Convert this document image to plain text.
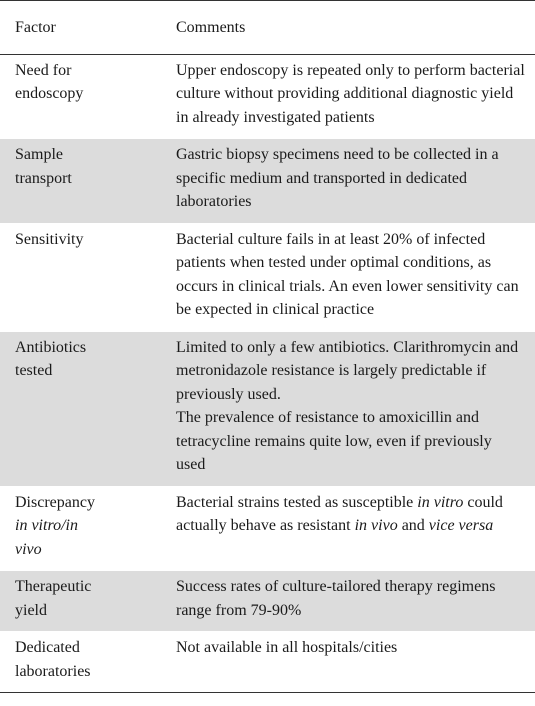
Factor	Comments

Need for
endoscopy	Upper endoscopy is repeated only to perform bacterial culture without providing additional diagnostic yield in already investigated patients

Sample
transport	Gastric biopsy specimens need to be collected in a specific medium and transported in dedicated laboratories

Sensitivity	Bacterial culture fails in at least 20% of infected patients when tested under optimal conditions, as occurs in clinical trials. An even lower sensitivity can be expected in clinical practice

Antibiotics
tested	Limited to only a few antibiotics. Clarithromycin and metronidazole resistance is largely predictable if previously used.
The prevalence of resistance to amoxicillin and tetracycline remains quite low, even if previously used

Discrepancy
in vitro/in
vivo	Bacterial strains tested as susceptible in vitro could actually behave as resistant in vivo and vice versa

Therapeutic
yield	Success rates of culture-tailored therapy regimens range from 79-90%

Dedicated
laboratories	Not available in all hospitals/cities
